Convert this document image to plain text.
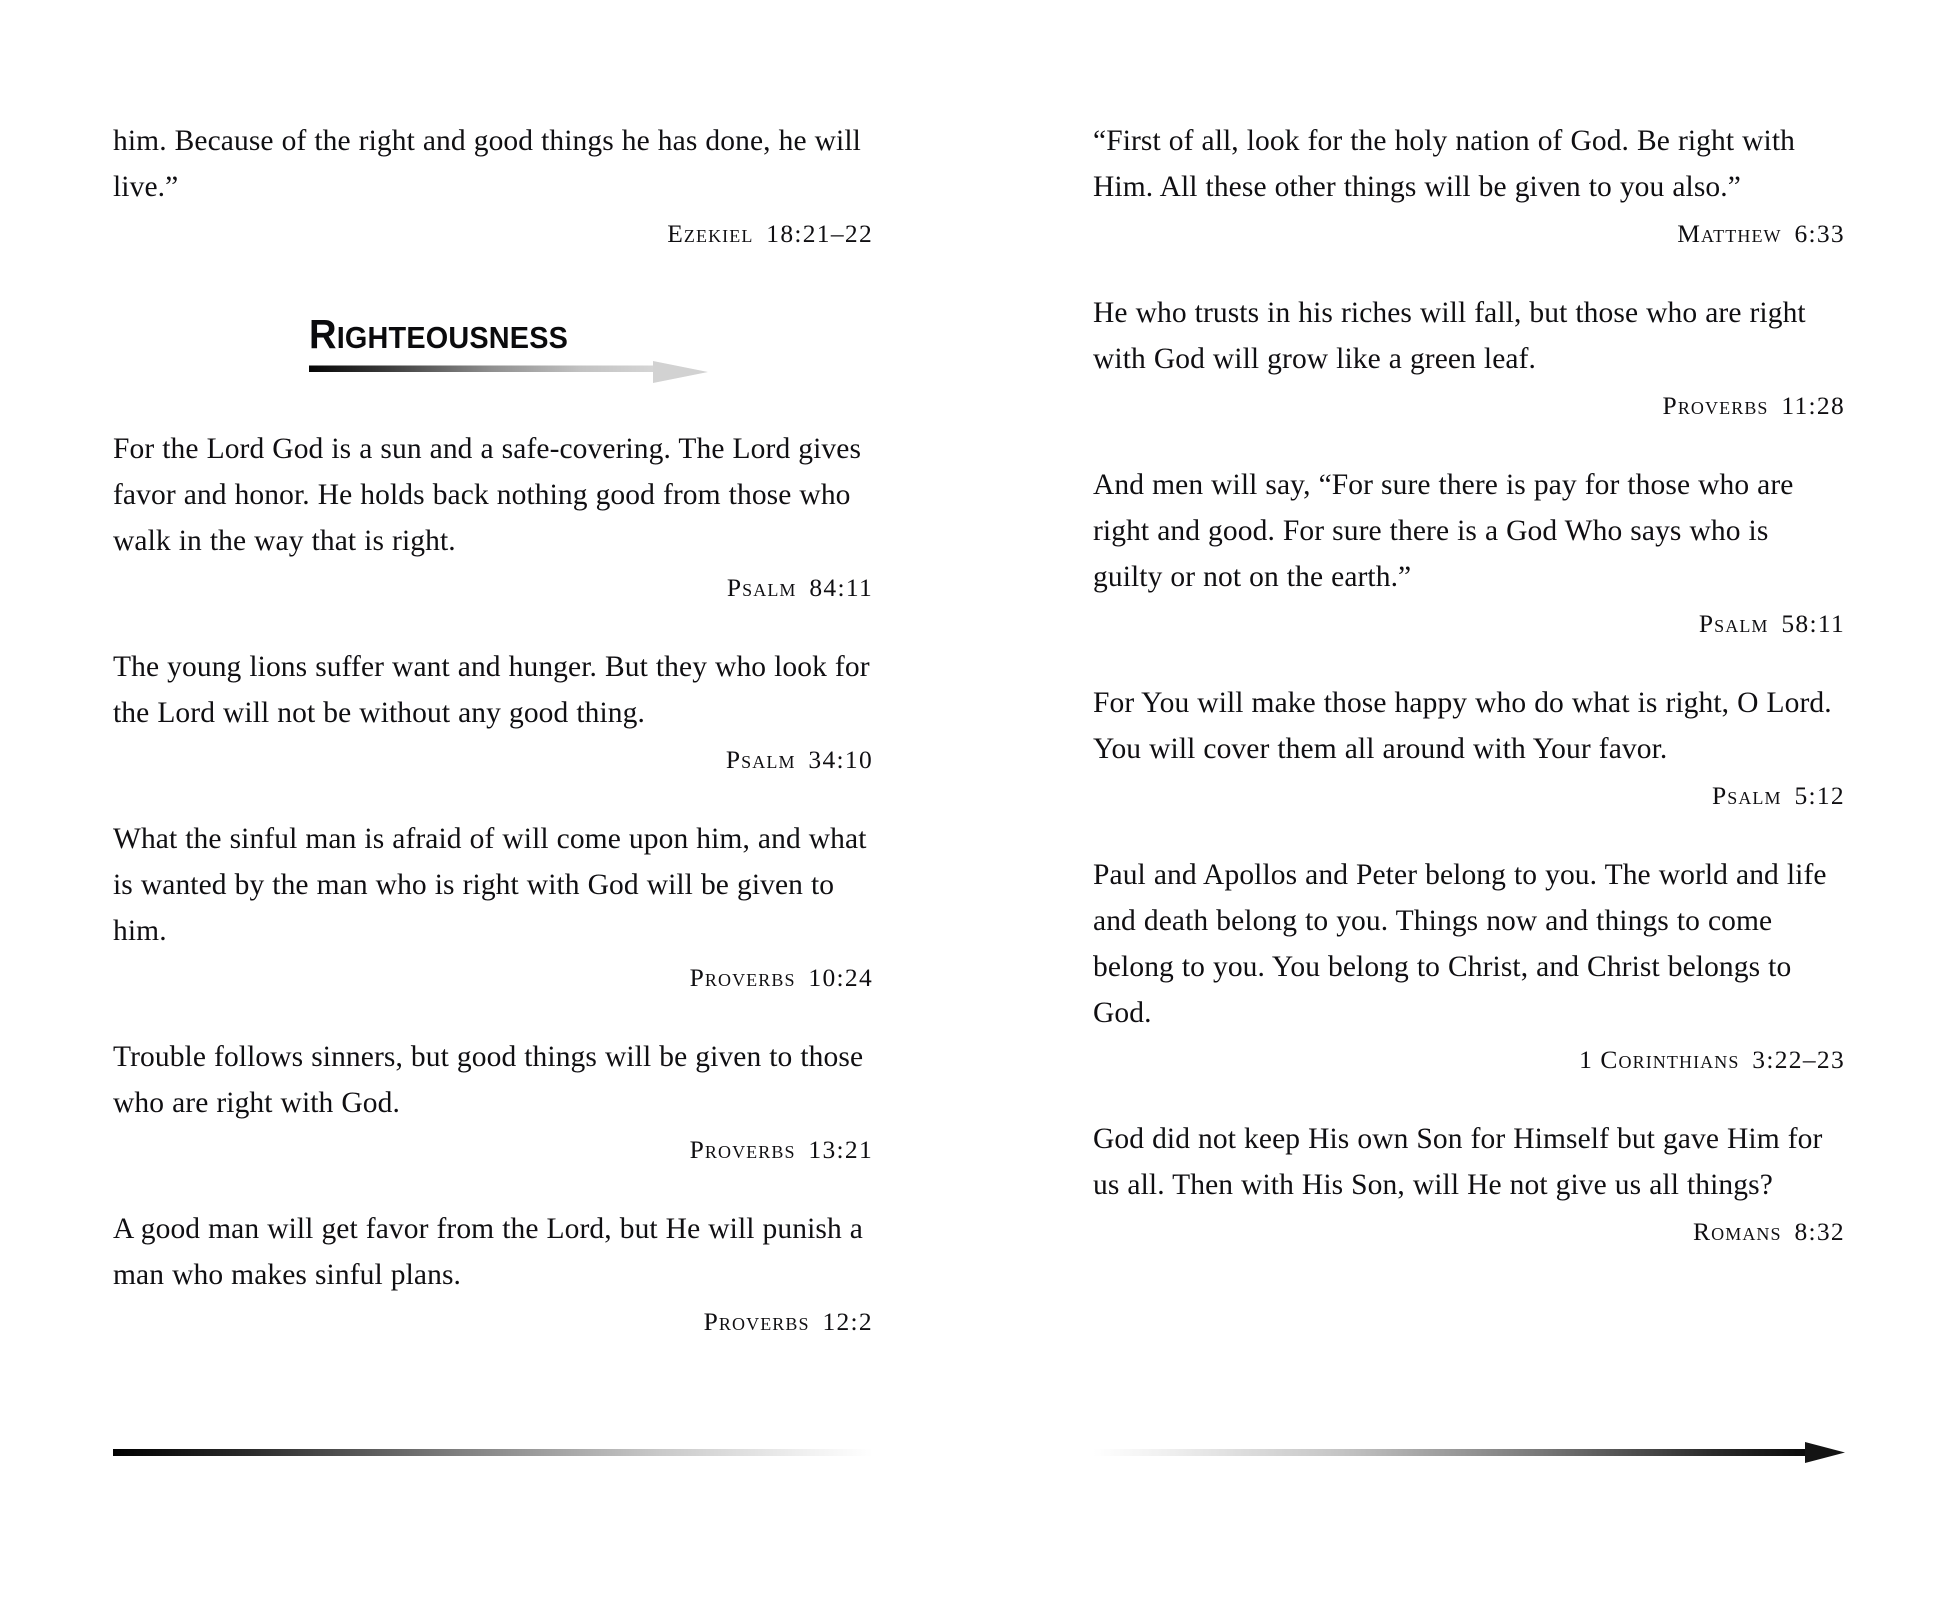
him. Because of the right and good things he has done, he will live.”

Ezekiel  18:21–22
RIGHTEOUSNESS

For the Lord God is a sun and a safe-covering. The Lord gives favor and honor. He holds back nothing good from those who walk in the way that is right.

Psalm  84:11

The young lions suffer want and hunger. But they who look for the Lord will not be without any good thing.

Psalm  34:10

What the sinful man is afraid of will come upon him, and what is wanted by the man who is right with God will be given to him.

Proverbs  10:24

Trouble follows sinners, but good things will be given to those who are right with God.

Proverbs  13:21

A good man will get favor from the Lord, but He will punish a man who makes sinful plans.

Proverbs  12:2

“First of all, look for the holy nation of God. Be right with Him. All these other things will be given to you also.”

Matthew  6:33

He who trusts in his riches will fall, but those who are right with God will grow like a green leaf.

Proverbs  11:28

And men will say, “For sure there is pay for those who are right and good. For sure there is a God Who says who is guilty or not on the earth.”

Psalm  58:11

For You will make those happy who do what is right, O Lord. You will cover them all around with Your favor.

Psalm  5:12

Paul and Apollos and Peter belong to you. The world and life and death belong to you. Things now and things to come belong to you. You belong to Christ, and Christ belongs to God.

1 Corinthians  3:22–23

God did not keep His own Son for Himself but gave Him for us all. Then with His Son, will He not give us all things?

Romans  8:32
